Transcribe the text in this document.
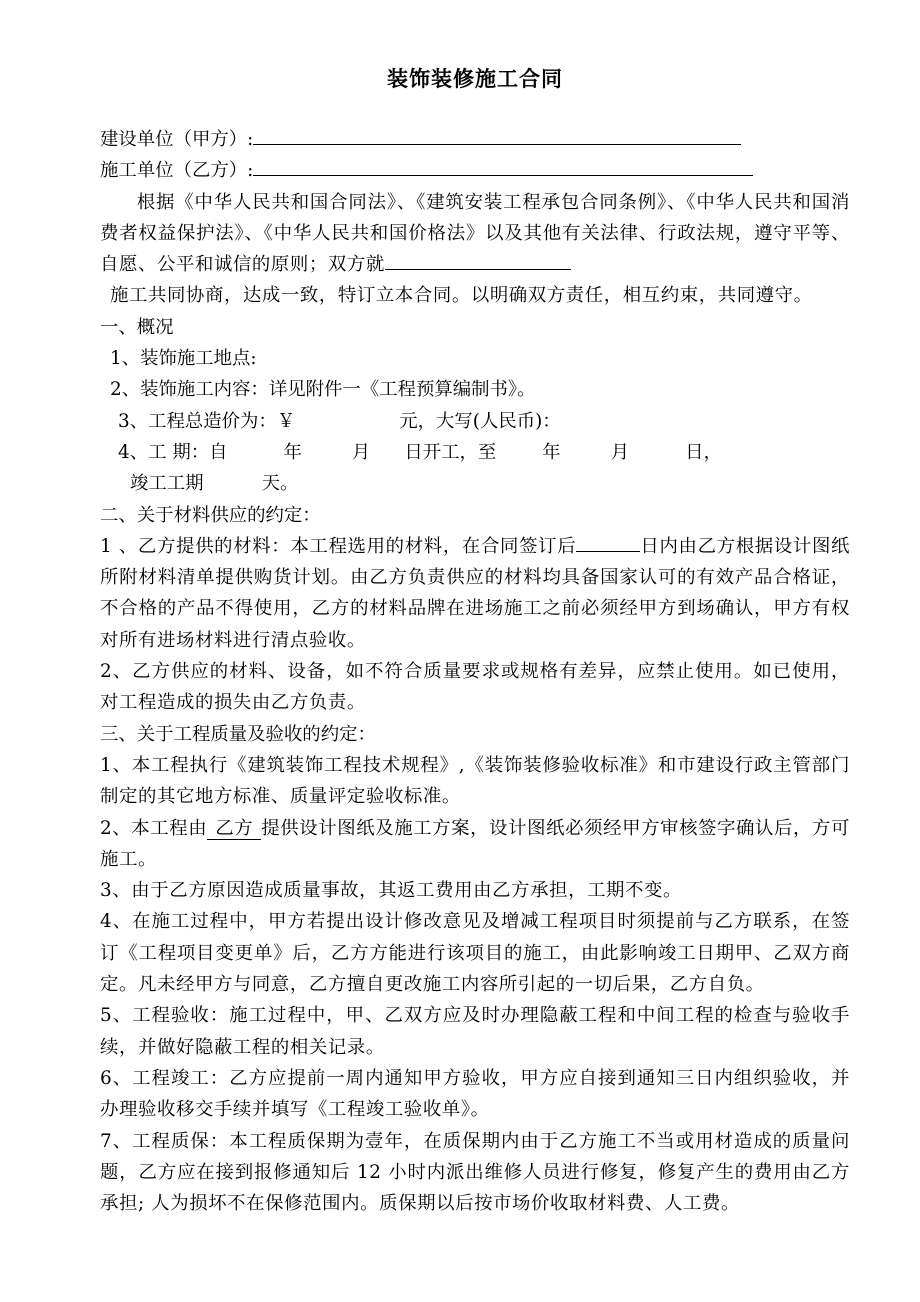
装饰装修施工合同

建设单位（甲方）:

施工单位（乙方）:

根据《中华人民共和国合同法》、《建筑安装工程承包合同条例》、《中华人民共和国消费者权益保护法》、《中华人民共和国价格法》以及其他有关法律、行政法规，遵守平等、自愿、公平和诚信的原则；双方就

施工共同协商，达成一致，特订立本合同。以明确双方责任，相互约束，共同遵守。

一、概况

1、装饰施工地点:

2、装饰施工内容：详见附件一《工程预算编制书》。

3、工程总造价为：￥	元，大写(人民币)：

4、工 期：自	年	月 日开工，至	年	月	日，

竣工工期	天。

二、关于材料供应的约定：

1 、乙方提供的材料：本工程选用的材料，在合同签订后	日内由乙方根据设计图纸所附材料清单提供购货计划。由乙方负责供应的材料均具备国家认可的有效产品合格证，不合格的产品不得使用，乙方的材料品牌在进场施工之前必须经甲方到场确认，甲方有权对所有进场材料进行清点验收。

2、乙方供应的材料、设备，如不符合质量要求或规格有差异，应禁止使用。如已使用，对工程造成的损失由乙方负责。

三、关于工程质量及验收的约定：

1、本工程执行《建筑装饰工程技术规程》,《装饰装修验收标准》和市建设行政主管部门制定的其它地方标准、质量评定验收标准。

2、本工程由 乙方 提供设计图纸及施工方案，设计图纸必须经甲方审核签字确认后，方可施工。

3、由于乙方原因造成质量事故，其返工费用由乙方承担，工期不变。

4、在施工过程中，甲方若提出设计修改意见及增减工程项目时须提前与乙方联系，在签订《工程项目变更单》后，乙方方能进行该项目的施工，由此影响竣工日期甲、乙双方商定。凡未经甲方与同意，乙方擅自更改施工内容所引起的一切后果，乙方自负。

5、工程验收：施工过程中，甲、乙双方应及时办理隐蔽工程和中间工程的检查与验收手续，并做好隐蔽工程的相关记录。

6、工程竣工：乙方应提前一周内通知甲方验收，甲方应自接到通知三日内组织验收，并办理验收移交手续并填写《工程竣工验收单》。

7、工程质保：本工程质保期为壹年，在质保期内由于乙方施工不当或用材造成的质量问题，乙方应在接到报修通知后 12 小时内派出维修人员进行修复，修复产生的费用由乙方承担; 人为损坏不在保修范围内。质保期以后按市场价收取材料费、人工费。
